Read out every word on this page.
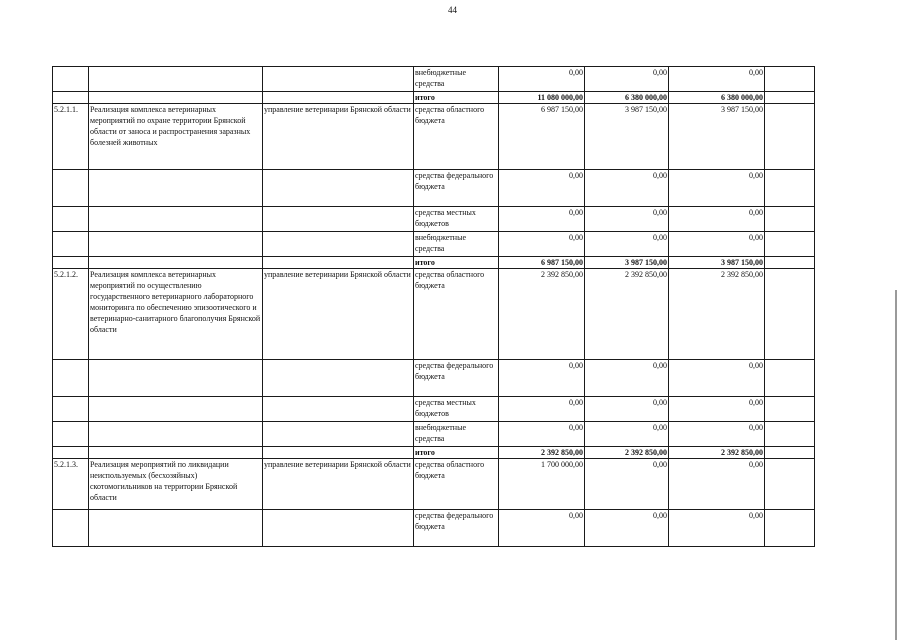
44
			внебюджетные средства	0,00	0,00	0,00	
			итого	11 080 000,00	6 380 000,00	6 380 000,00	
5.2.1.1.	Реализация комплекса ветеринарных мероприятий по охране территории Брянской области от заноса и распространения заразных болезней животных	управление ветеринарии Брянской области	средства областного бюджета	6 987 150,00	3 987 150,00	3 987 150,00	
			средства федерального бюджета	0,00	0,00	0,00	
			средства местных бюджетов	0,00	0,00	0,00	
			внебюджетные средства	0,00	0,00	0,00	
			итого	6 987 150,00	3 987 150,00	3 987 150,00	
5.2.1.2.	Реализация комплекса ветеринарных мероприятий по осуществлению государственного ветеринарного лабораторного мониторинга по обеспечению эпизоотического и ветеринарно-санитарного благополучия Брянской области	управление ветеринарии Брянской области	средства областного бюджета	2 392 850,00	2 392 850,00	2 392 850,00	
			средства федерального бюджета	0,00	0,00	0,00	
			средства местных бюджетов	0,00	0,00	0,00	
			внебюджетные средства	0,00	0,00	0,00	
			итого	2 392 850,00	2 392 850,00	2 392 850,00	
5.2.1.3.	Реализация мероприятий по ликвидации неиспользуемых (бесхозяйных) скотомогильников на территории Брянской области	управление ветеринарии Брянской области	средства областного бюджета	1 700 000,00	0,00	0,00	
			средства федерального бюджета	0,00	0,00	0,00	
